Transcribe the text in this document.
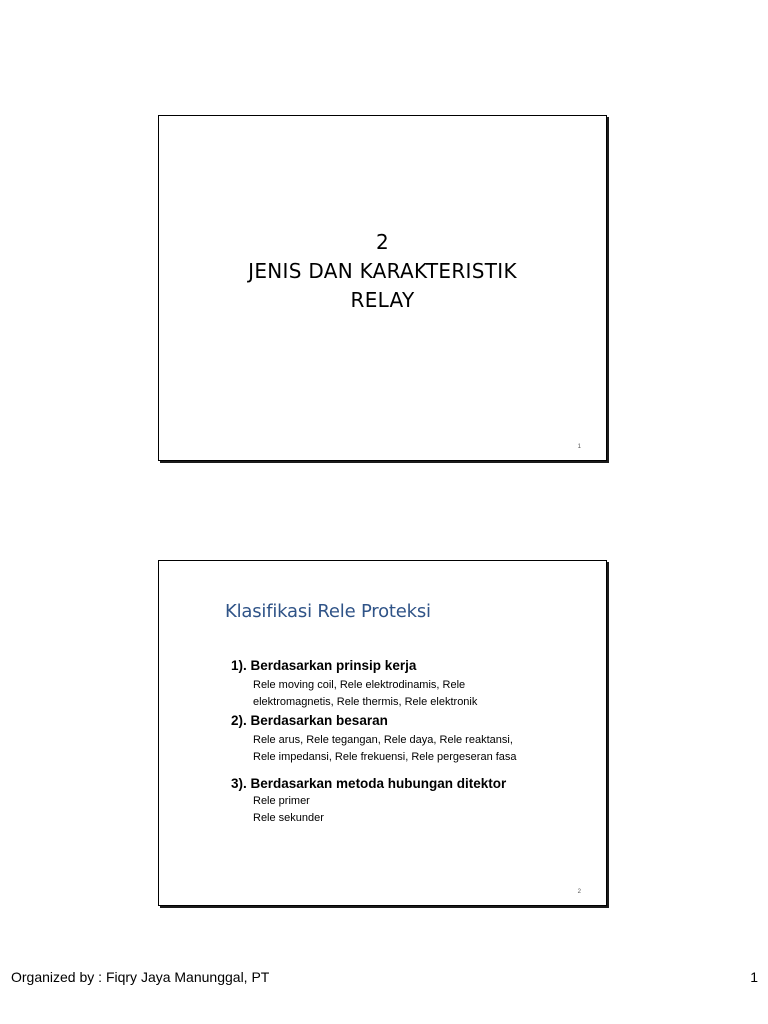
2
JENIS DAN KARAKTERISTIK
RELAY
1
Klasifikasi Rele Proteksi
1). Berdasarkan prinsip kerja
Rele moving coil, Rele elektrodinamis, Rele
elektromagnetis, Rele thermis, Rele elektronik
2). Berdasarkan besaran
Rele arus, Rele tegangan, Rele daya, Rele reaktansi,
Rele impedansi, Rele frekuensi, Rele pergeseran fasa
3). Berdasarkan metoda hubungan ditektor
Rele primer
Rele sekunder
2
Organized by : Fiqry Jaya Manunggal, PT	1
